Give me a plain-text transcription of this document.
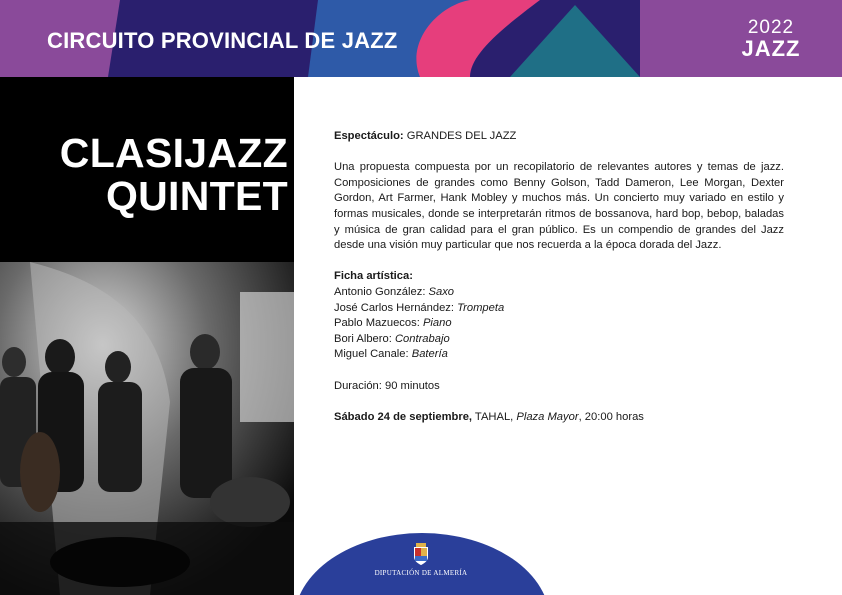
CIRCUITO PROVINCIAL DE JAZZ
2022
JAZZ
CLASIJAZZ
QUINTET

Espectáculo: GRANDES DEL JAZZ

Una propuesta compuesta por un recopilatorio de relevantes autores y temas de jazz. Composiciones de grandes como Benny Golson, Tadd Dameron, Lee Morgan, Dexter Gordon, Art Farmer, Hank Mobley y muchos más. Un concierto muy variado en estilo y formas musicales, donde se interpretarán ritmos de bossanova, hard bop, bebop, baladas y música de gran calidad para el gran público. Es un compendio de grandes del Jazz desde una visión muy particular que nos recuerda a la época dorada del Jazz.

Ficha artística:

Antonio González: Saxo

José Carlos Hernández: Trompeta

Pablo Mazuecos: Piano

Bori Albero: Contrabajo

Miguel Canale: Batería

Duración: 90 minutos

Sábado 24 de septiembre, TAHAL, Plaza Mayor, 20:00 horas

DIPUTACIÓN DE ALMERÍA
